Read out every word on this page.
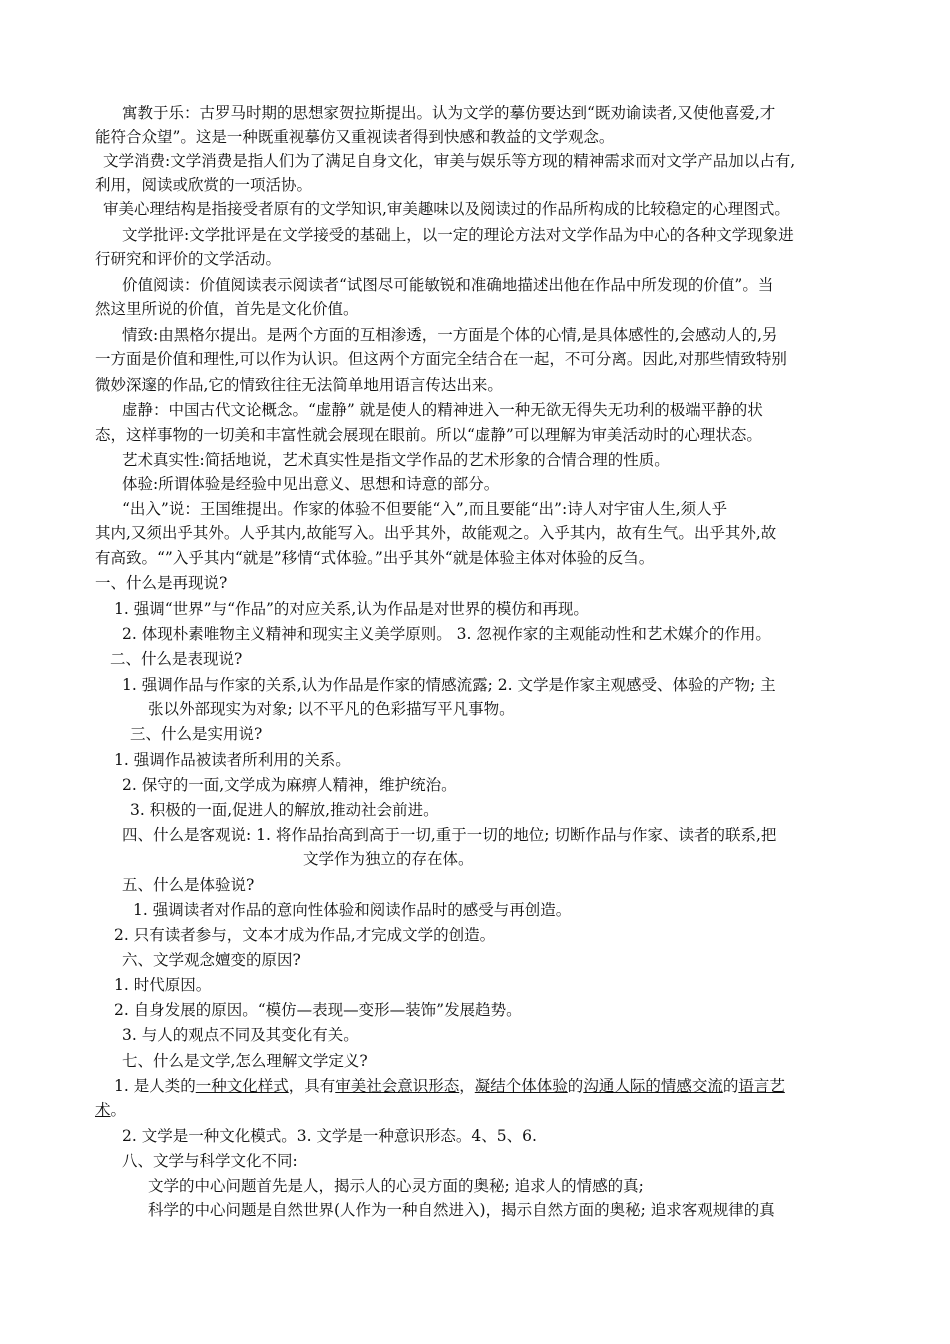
寓教于乐：古罗马时期的思想家贺拉斯提出。认为文学的摹仿要达到“既劝谕读者,又使他喜爱,才

能符合众望”。这是一种既重视摹仿又重视读者得到快感和教益的文学观念。

文学消费:文学消费是指人们为了满足自身文化，审美与娱乐等方现的精神需求而对文学产品加以占有,

利用，阅读或欣赏的一项活协。

审美心理结构是指接受者原有的文学知识,审美趣味以及阅读过的作品所构成的比较稳定的心理图式。

文学批评:文学批评是在文学接受的基础上，以一定的理论方法对文学作品为中心的各种文学现象进

行研究和评价的文学活动。

价值阅读：价值阅读表示阅读者“试图尽可能敏锐和准确地描述出他在作品中所发现的价值”。当

然这里所说的价值，首先是文化价值。

情致:由黑格尔提出。是两个方面的互相渗透，一方面是个体的心情,是具体感性的,会感动人的,另

一方面是价值和理性,可以作为认识。但这两个方面完全结合在一起，不可分离。因此,对那些情致特别

微妙深邃的作品,它的情致往往无法简单地用语言传达出来。

虚静：中国古代文论概念。“虚静” 就是使人的精神进入一种无欲无得失无功利的极端平静的状

态，这样事物的一切美和丰富性就会展现在眼前。所以“虚静”可以理解为审美活动时的心理状态。

艺术真实性:简括地说，艺术真实性是指文学作品的艺术形象的合情合理的性质。

体验:所谓体验是经验中见出意义、思想和诗意的部分。

“出入”说：王国维提出。作家的体验不但要能“入”,而且要能“出”:诗人对宇宙人生,须人乎

其内,又须出乎其外。人乎其内,故能写入。出乎其外，故能观之。入乎其内，故有生气。出乎其外,故

有高致。“”入乎其内“就是”移情“式体验。”出乎其外“就是体验主体对体验的反刍。

一、什么是再现说?

1. 强调“世界”与“作品”的对应关系,认为作品是对世界的模仿和再现。

2. 体现朴素唯物主义精神和现实主义美学原则。 3. 忽视作家的主观能动性和艺术媒介的作用。

二、什么是表现说?

1. 强调作品与作家的关系,认为作品是作家的情感流露; 2. 文学是作家主观感受、体验的产物; 主

张以外部现实为对象; 以不平凡的色彩描写平凡事物。

三、什么是实用说?

1. 强调作品被读者所利用的关系。

2. 保守的一面,文学成为麻痹人精神，维护统治。

3. 积极的一面,促进人的解放,推动社会前进。

四、什么是客观说: 1. 将作品抬高到高于一切,重于一切的地位; 切断作品与作家、读者的联系,把

文学作为独立的存在体。

五、什么是体验说?

1. 强调读者对作品的意向性体验和阅读作品时的感受与再创造。

2. 只有读者参与，文本才成为作品,才完成文学的创造。

六、文学观念嬗变的原因?

1. 时代原因。

2. 自身发展的原因。“模仿—表现—变形—装饰”发展趋势。

3. 与人的观点不同及其变化有关。

七、什么是文学,怎么理解文学定义?

1. 是人类的一种文化样式，具有审美社会意识形态，凝结个体体验的沟通人际的情感交流的语言艺

术。

2. 文学是一种文化模式。3. 文学是一种意识形态。4、5、6.

八、文学与科学文化不同:

文学的中心问题首先是人，揭示人的心灵方面的奥秘; 追求人的情感的真;

科学的中心问题是自然世界(人作为一种自然进入)，揭示自然方面的奥秘; 追求客观规律的真
